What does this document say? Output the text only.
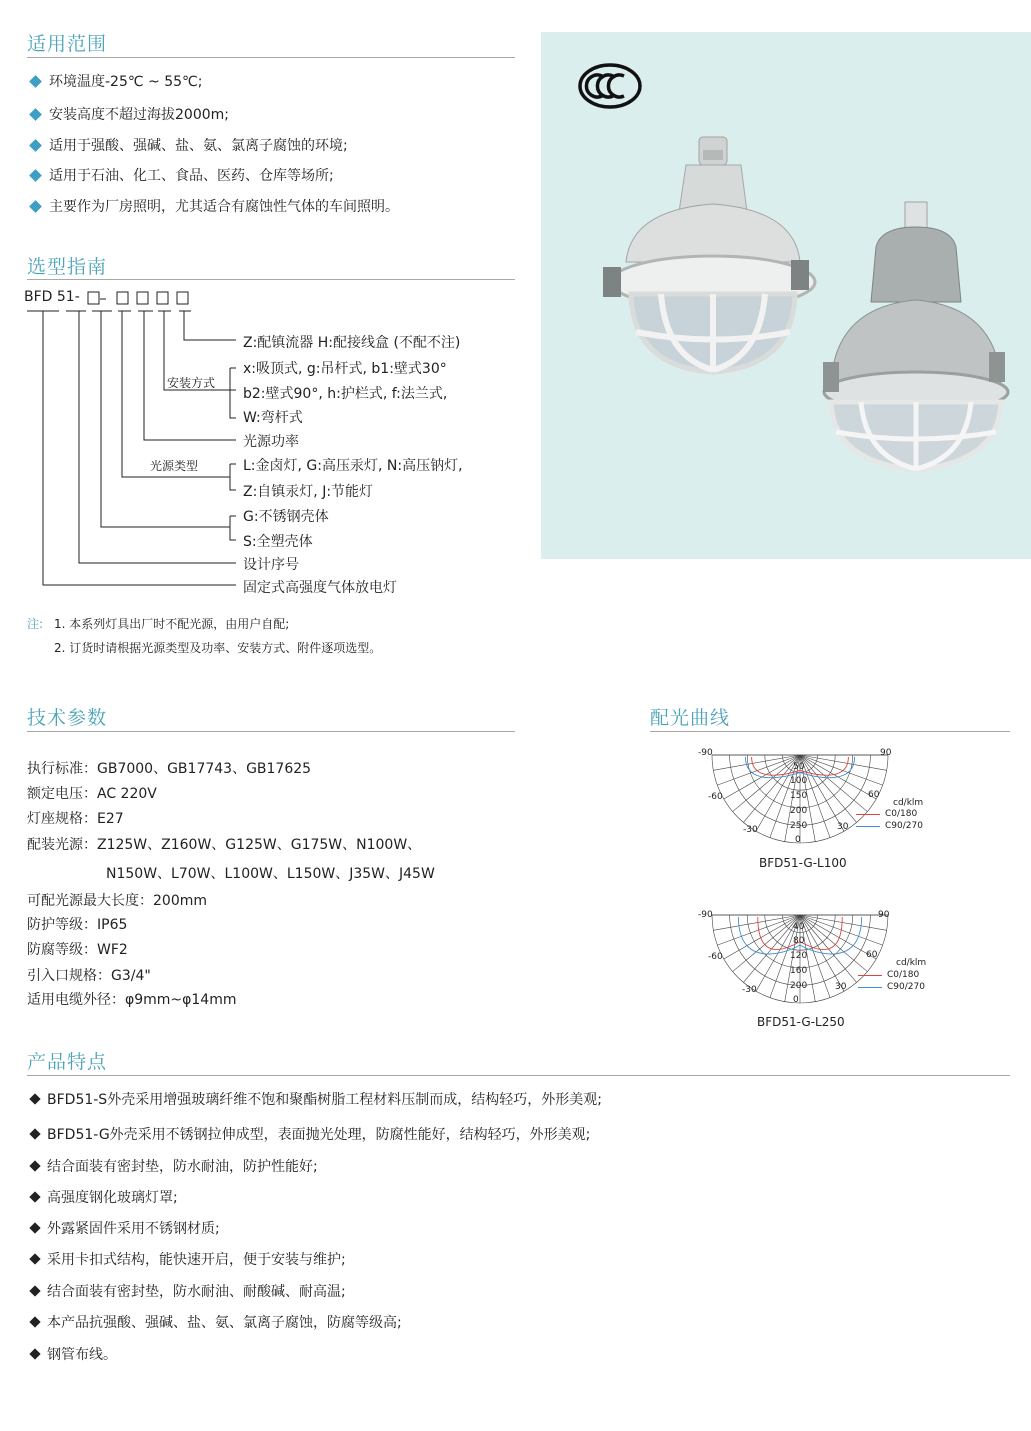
适用范围
环境温度-25℃ ~ 55℃;
安装高度不超过海拔2000m;
适用于强酸、强碱、盐、氨、氯离子腐蚀的环境;
适用于石油、化工、食品、医药、仓库等场所;
主要作为厂房照明，尤其适合有腐蚀性气体的车间照明。
选型指南
BFD 51-
Z:配镇流器 H:配接线盒 (不配不注)
x:吸顶式, g:吊杆式, b1:壁式30°
安装方式
b2:壁式90°, h:护栏式, f:法兰式,
W:弯杆式
光源功率
光源类型	L:金卤灯, G:高压汞灯, N:高压钠灯,
Z:自镇汞灯, J:节能灯
G:不锈钢壳体
S:全塑壳体
设计序号
固定式高强度气体放电灯
注: 1. 本系列灯具出厂时不配光源，由用户自配;
2. 订货时请根据光源类型及功率、安装方式、附件逐项选型。
技术参数
执行标准：GB7000、GB17743、GB17625
额定电压：AC 220V
灯座规格：E27
配装光源：Z125W、Z160W、G125W、G175W、N100W、
N150W、L70W、L100W、L150W、J35W、J45W
可配光源最大长度：200mm
防护等级：IP65
防腐等级：WF2
引入口规格：G3/4"
适用电缆外径：φ9mm~φ14mm
配光曲线
-90	90
-60	60
-30	30
50
100
150
200
250
0
cd/klm
C0/180
C90/270
BFD51-G-L100
-90	90
-60	60
-30	30
40
80
120
160
200
0
cd/klm
C0/180
C90/270
BFD51-G-L250
产品特点
BFD51-S外壳采用增强玻璃纤维不饱和聚酯树脂工程材料压制而成，结构轻巧，外形美观;
BFD51-G外壳采用不锈钢拉伸成型，表面抛光处理，防腐性能好，结构轻巧，外形美观;
结合面装有密封垫，防水耐油，防护性能好;
高强度钢化玻璃灯罩;
外露紧固件采用不锈钢材质;
采用卡扣式结构，能快速开启，便于安装与维护;
结合面装有密封垫，防水耐油、耐酸碱、耐高温;
本产品抗强酸、强碱、盐、氨、氯离子腐蚀，防腐等级高;
钢管布线。
